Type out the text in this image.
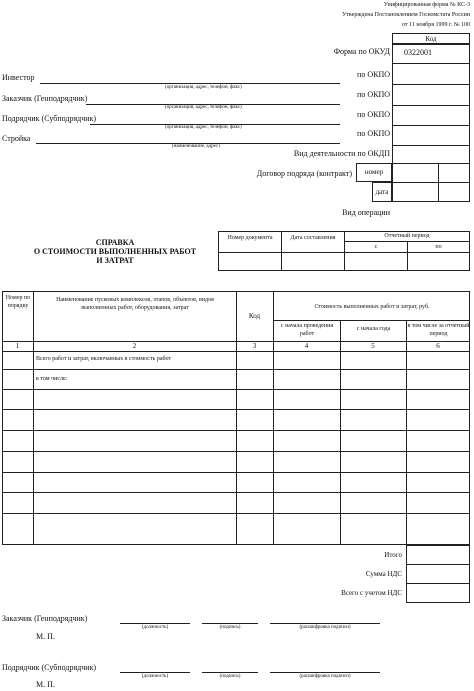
Унифицированная форма № КС-3
Утверждена Постановлением Госкомстата России
от 11 ноября 1999 г. № 100
Код
0322001
Форма по ОКУД
по ОКПО
по ОКПО
по ОКПО
по ОКПО
Вид деятельности по ОКДП
Договор подряда (контракт)	номер
дата
Вид операции
Инвестор
(организация, адрес, телефон, факс)
Заказчик (Генподрядчик)
(организация, адрес, телефон, факс)
Подрядчик (Субподрядчик)
(организация, адрес, телефон, факс)
Стройка
(наименование, адрес)
СПРАВКА
О СТОИМОСТИ ВЫПОЛНЕННЫХ РАБОТ
И ЗАТРАТ
Номер документа	Дата составления	Отчетный период
с	по
Номер по порядку
Наименование пусковых комплексов, этапов, объектов, видов выполненных работ, оборудования, затрат
Код
Стоимость выполненных работ и затрат, руб.
с начала проведения работ
с начала года	в том числе за отчетный период
1	2	3	4	5	6
Всего работ и затрат, включаемых в стоимость работ
в том числе:
Итого
Сумма НДС
Всего с учетом НДС
Заказчик (Генподрядчик)
(должность)	(подпись)	(расшифровка подписи)
М. П.
Подрядчик (Субподрядчик)
(должность)	(подпись)	(расшифровка подписи)
М. П.
